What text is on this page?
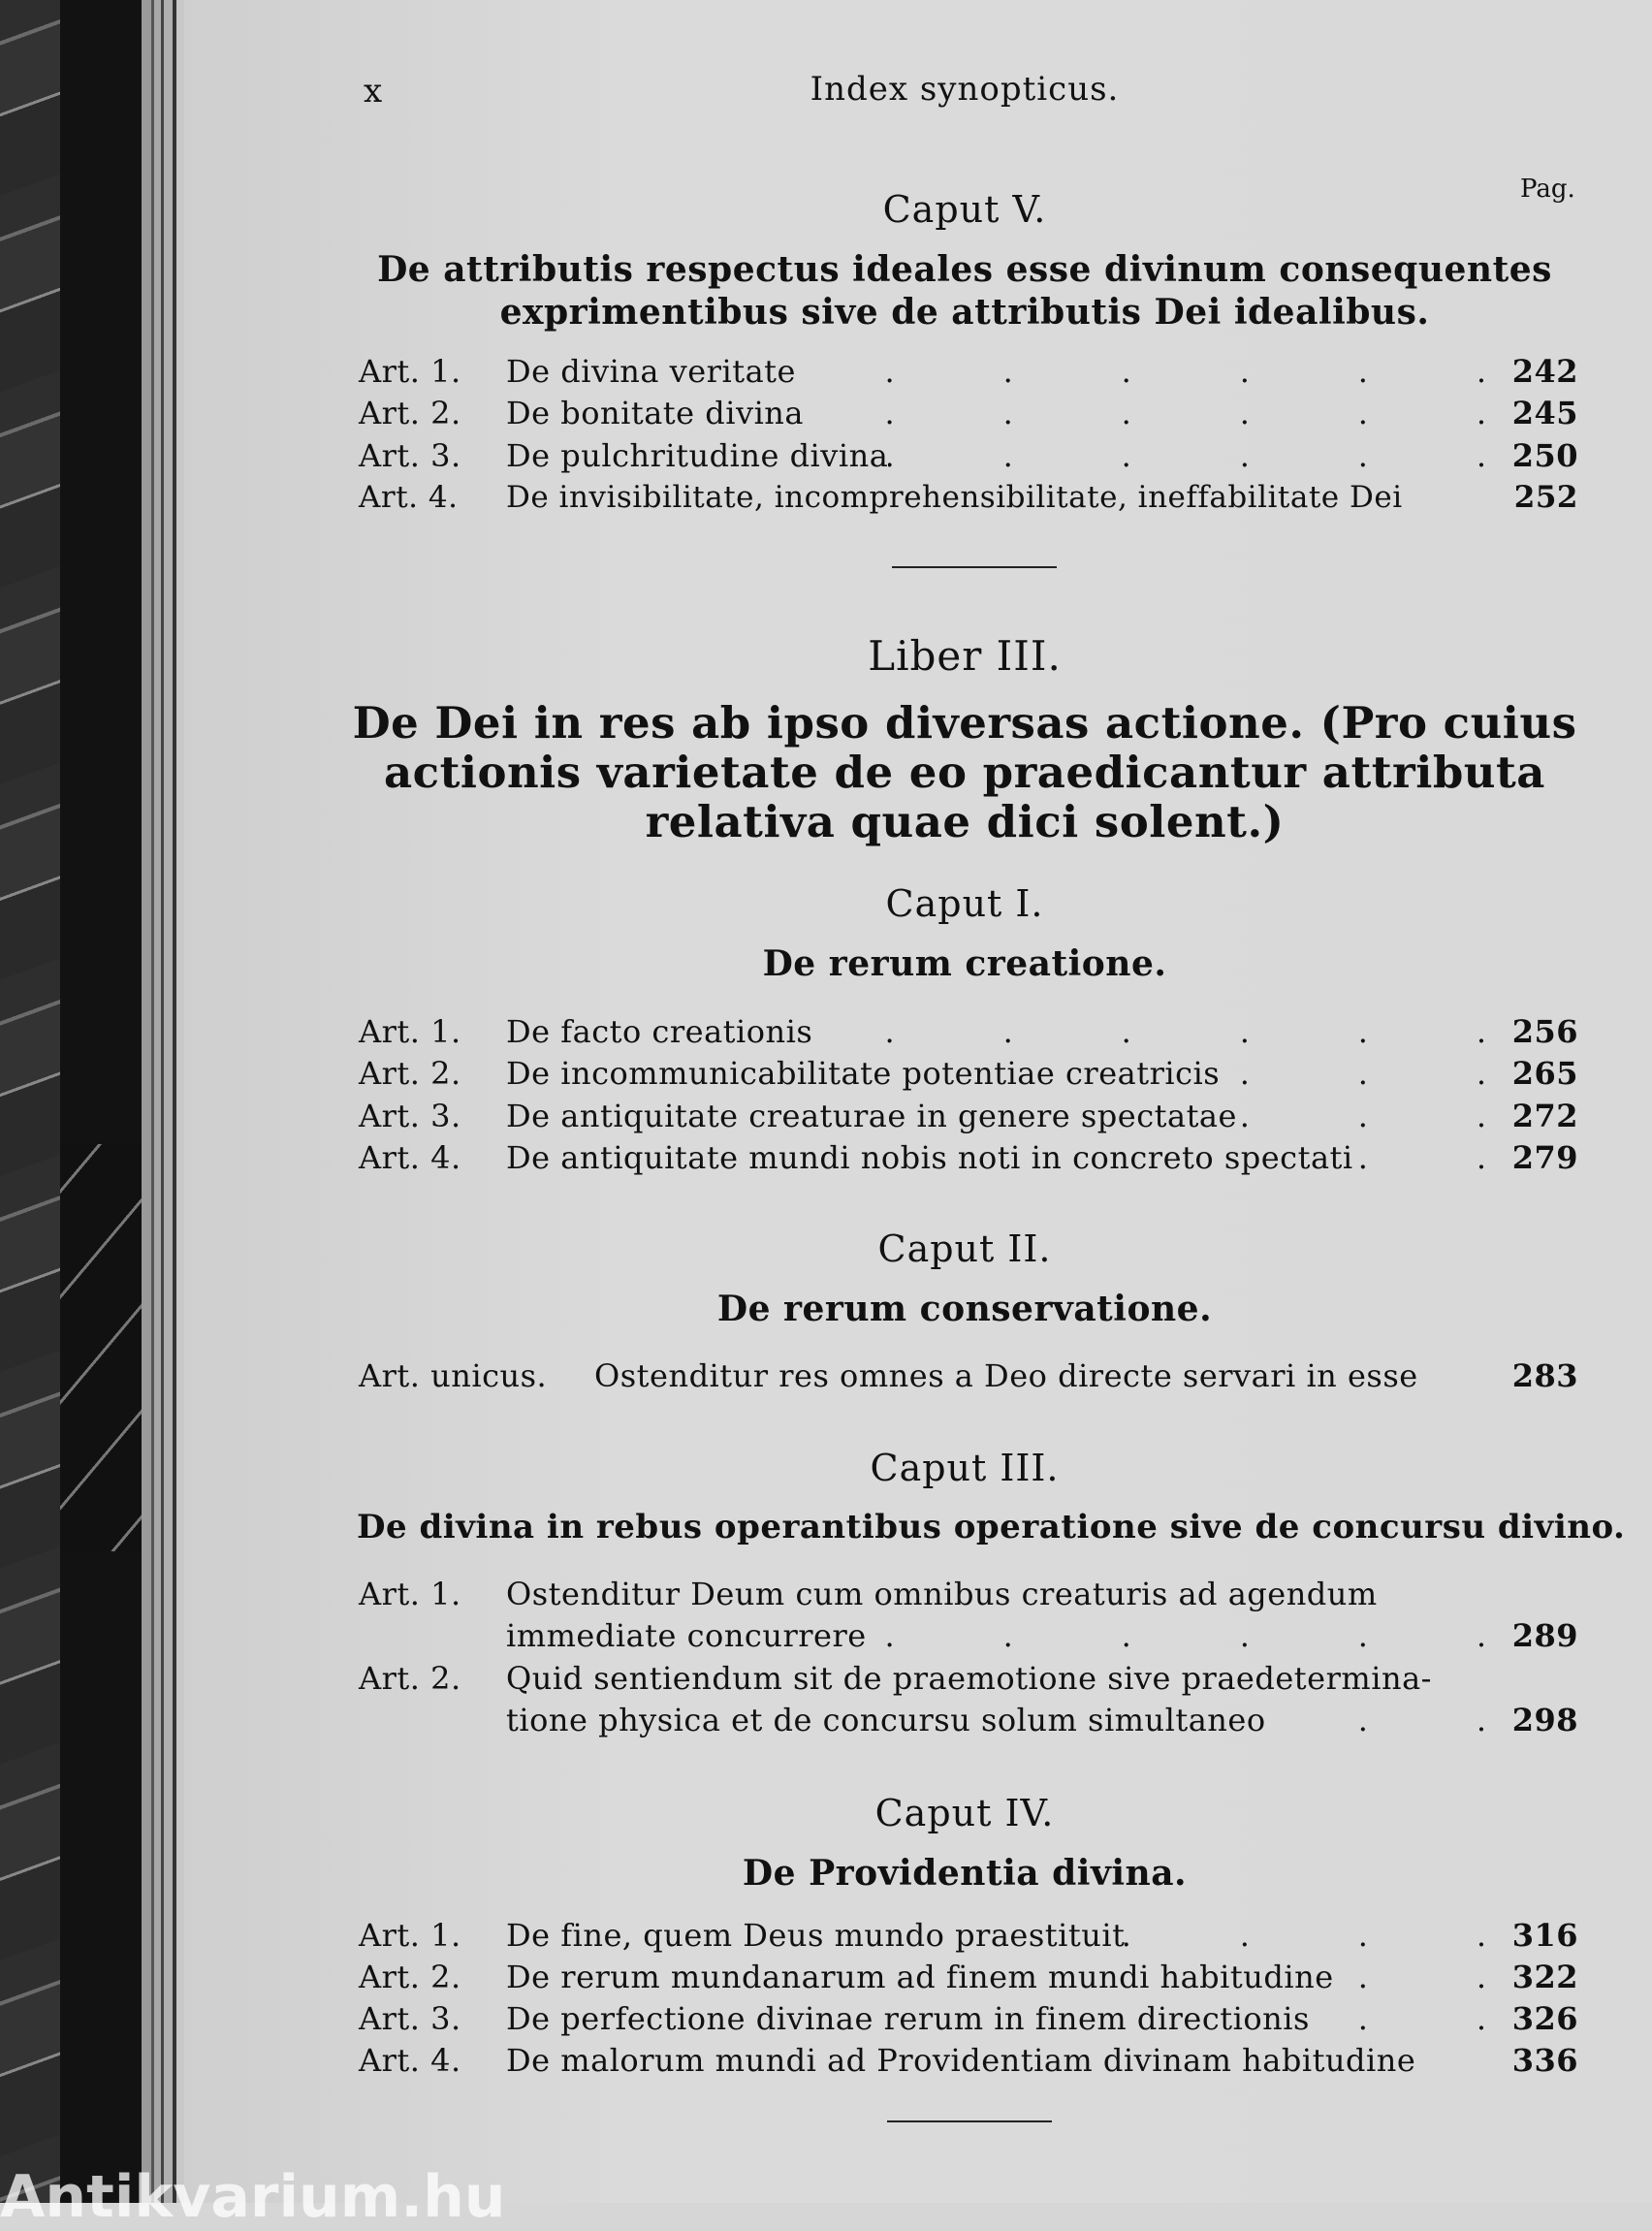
x	Index synopticus.
Pag.
Caput V.
De attributis respectus ideales esse divinum consequentes
exprimentibus sive de attributis Dei idealibus.
Art. 1.	De divina veritate .	242
Art. 2.	De bonitate divina .	245
Art. 3.	De pulchritudine divina .	250
Art. 4.	De invisibilitate, incomprehensibilitate, ineffabilitate Dei	252
Liber III.
De Dei in res ab ipso diversas actione. (Pro cuius
actionis varietate de eo praedicantur attributa
relativa quae dici solent.)
Caput I.
De rerum creatione.
Art. 1.	De facto creationis .	256
Art. 2.	De incommunicabilitate potentiae creatricis .	265
Art. 3.	De antiquitate creaturae in genere spectatae .	272
Art. 4.	De antiquitate mundi nobis noti in concreto spectati .	279
Caput II.
De rerum conservatione.
Art. unicus.	Ostenditur res omnes a Deo directe servari in esse	283
Caput III.
De divina in rebus operantibus operatione sive de concursu divino.
Art. 1.	Ostenditur Deum cum omnibus creaturis ad agendum
immediate concurrere .	289
Art. 2.	Quid sentiendum sit de praemotione sive praedetermina-
tione physica et de concursu solum simultaneo .	298
Caput IV.
De Providentia divina.
Art. 1.	De fine, quem Deus mundo praestituit .	316
Art. 2.	De rerum mundanarum ad finem mundi habitudine .	322
Art. 3.	De perfectione divinae rerum in finem directionis .	326
Art. 4.	De malorum mundi ad Providentiam divinam habitudine	336
Antikvarium.hu
